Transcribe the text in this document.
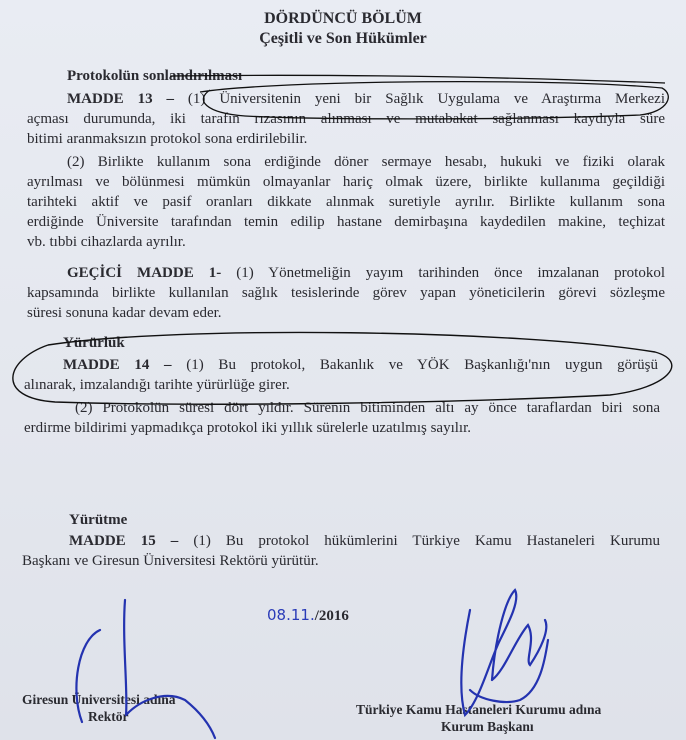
DÖRDÜNCÜ BÖLÜM
Çeşitli ve Son Hükümler
Protokolün sonlandırılması
MADDE 13 – (1) Üniversitenin yeni bir Sağlık Uygulama ve Araştırma Merkezi
açması durumunda, iki tarafın rızasının alınması ve mutabakat sağlanması kaydıyla süre
bitimi aranmaksızın protokol sona erdirilebilir.
(2) Birlikte kullanım sona erdiğinde döner sermaye hesabı, hukuki ve fiziki olarak
ayrılması ve bölünmesi mümkün olmayanlar hariç olmak üzere, birlikte kullanıma geçildiği
tarihteki aktif ve pasif oranları dikkate alınmak suretiyle ayrılır. Birlikte kullanım sona
erdiğinde Üniversite tarafından temin edilip hastane demirbaşına kaydedilen makine, teçhizat
vb. tıbbi cihazlarda ayrılır.
GEÇİCİ MADDE 1- (1) Yönetmeliğin yayım tarihinden önce imzalanan protokol
kapsamında birlikte kullanılan sağlık tesislerinde görev yapan yöneticilerin görevi sözleşme
süresi sonuna kadar devam eder.
Yürürlük
MADDE 14 – (1) Bu protokol, Bakanlık ve YÖK Başkanlığı'nın uygun görüşü
alınarak, imzalandığı tarihte yürürlüğe girer.
(2) Protokolün süresi dört yıldır. Sürenin bitiminden altı ay önce taraflardan biri sona
erdirme bildirimi yapmadıkça protokol iki yıllık sürelerle uzatılmış sayılır.
Yürütme
MADDE 15 – (1) Bu protokol hükümlerini Türkiye Kamu Hastaneleri Kurumu
Başkanı ve Giresun Üniversitesi Rektörü yürütür.
08.11./2016
Giresun Üniversitesi adına
Rektör	Türkiye Kamu Hastaneleri Kurumu adına
Kurum Başkanı
